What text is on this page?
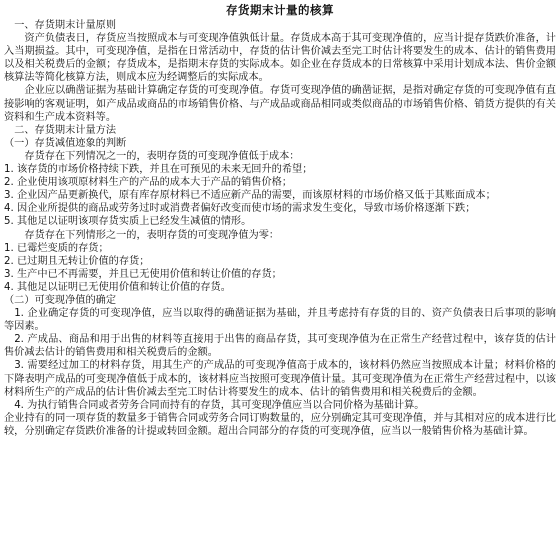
存货期末计量的核算

一、存货期末计量原则

资产负债表日，存货应当按照成本与可变现净值孰低计量。存货成本高于其可变现净值的，应当计提存货跌价准备，计入当期损益。其中，可变现净值，是指在日常活动中，存货的估计售价减去至完工时估计将要发生的成本、估计的销售费用以及相关税费后的金额；存货成本，是指期末存货的实际成本。如企业在存货成本的日常核算中采用计划成本法、售价金额核算法等简化核算方法，则成本应为经调整后的实际成本。

企业应以确凿证据为基础计算确定存货的可变现净值。存货可变现净值的确凿证据，是指对确定存货的可变现净值有直接影响的客观证明，如产成品或商品的市场销售价格、与产成品或商品相同或类似商品的市场销售价格、销货方提供的有关资料和生产成本资料等。

二、存货期末计量方法

（一）存货减值迹象的判断

存货存在下列情况之一的，表明存货的可变现净值低于成本：

1. 该存货的市场价格持续下跌，并且在可预见的未来无回升的希望；

2. 企业使用该项原材料生产的产品的成本大于产品的销售价格；

3. 企业因产品更新换代，原有库存原材料已不适应新产品的需要，而该原材料的市场价格又低于其账面成本；

4. 因企业所提供的商品或劳务过时或消费者偏好改变而使市场的需求发生变化，导致市场价格逐渐下跌；

5. 其他足以证明该项存货实质上已经发生减值的情形。

存货存在下列情形之一的，表明存货的可变现净值为零：

1. 已霉烂变质的存货；

2. 已过期且无转让价值的存货；

3. 生产中已不再需要，并且已无使用价值和转让价值的存货；

4. 其他足以证明已无使用价值和转让价值的存货。

（二）可变现净值的确定

1. 企业确定存货的可变现净值，应当以取得的确凿证据为基础，并且考虑持有存货的目的、资产负债表日后事项的影响等因素。

2. 产成品、商品和用于出售的材料等直接用于出售的商品存货，其可变现净值为在正常生产经营过程中，该存货的估计售价减去估计的销售费用和相关税费后的金额。

3. 需要经过加工的材料存货，用其生产的产成品的可变现净值高于成本的，该材料仍然应当按照成本计量；材料价格的下降表明产成品的可变现净值低于成本的，该材料应当按照可变现净值计量。其可变现净值为在正常生产经营过程中，以该材料所生产的产成品的估计售价减去至完工时估计将要发生的成本、估计的销售费用和相关税费后的金额。

4. 为执行销售合同或者劳务合同而持有的存货，其可变现净值应当以合同价格为基础计算。

企业持有的同一项存货的数量多于销售合同或劳务合同订购数量的，应分别确定其可变现净值，并与其相对应的成本进行比较，分别确定存货跌价准备的计提或转回金额。超出合同部分的存货的可变现净值，应当以一般销售价格为基础计算。
